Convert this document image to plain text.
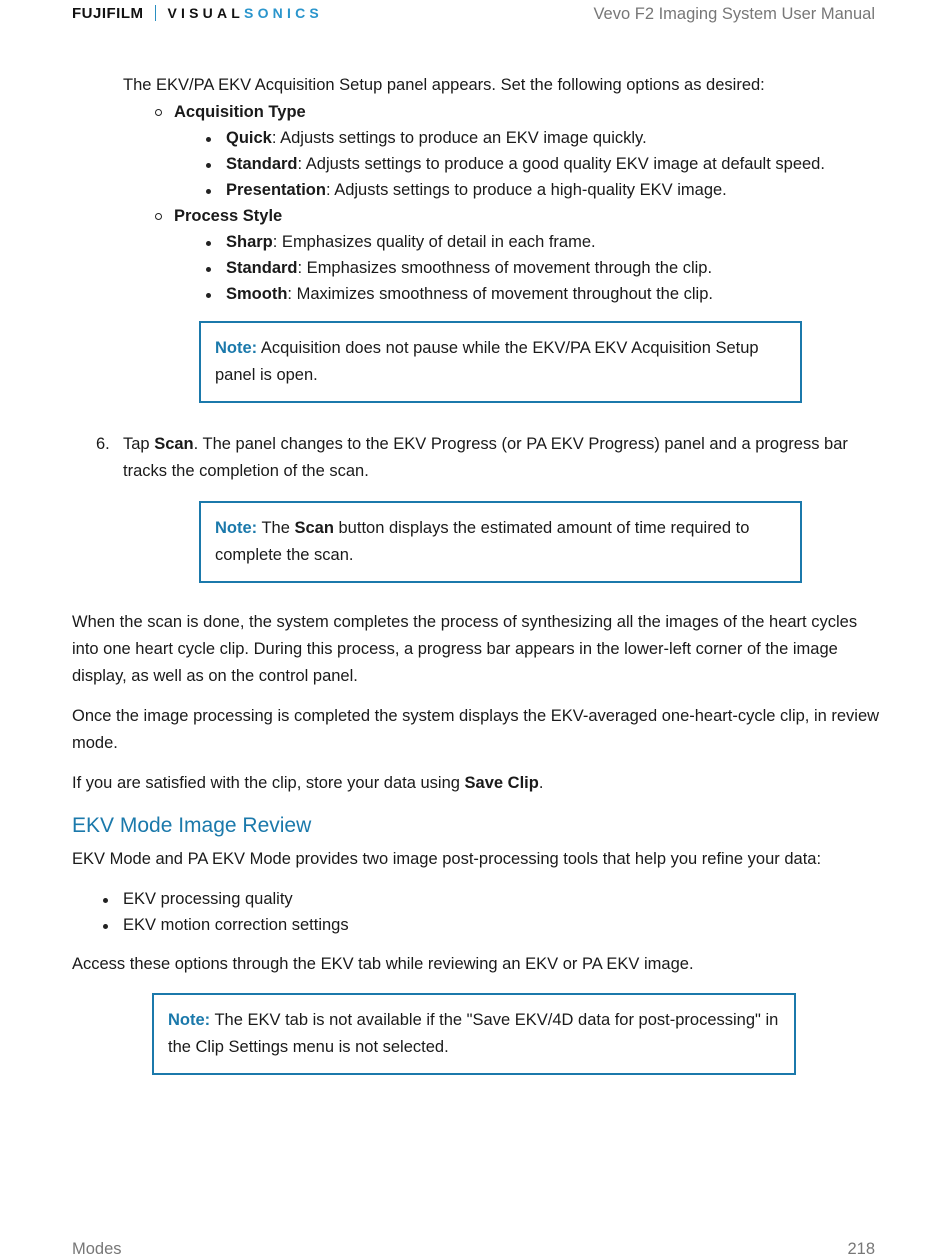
FUJIFILM VISUAL SONICS	Vevo F2 Imaging System User Manual

The EKV/PA EKV Acquisition Setup panel appears. Set the following options as desired:

Acquisition Type
Quick: Adjusts settings to produce an EKV image quickly.
Standard: Adjusts settings to produce a good quality EKV image at default speed.
Presentation: Adjusts settings to produce a high-quality EKV image.
Process Style
Sharp: Emphasizes quality of detail in each frame.
Standard: Emphasizes smoothness of movement through the clip.
Smooth: Maximizes smoothness of movement throughout the clip.
Note: Acquisition does not pause while the EKV/PA EKV Acquisition Setup panel is open.
6. Tap Scan. The panel changes to the EKV Progress (or PA EKV Progress) panel and a progress bar tracks the completion of the scan.
Note: The Scan button displays the estimated amount of time required to complete the scan.

When the scan is done, the system completes the process of synthesizing all the images of the heart cycles into one heart cycle clip. During this process, a progress bar appears in the lower-left corner of the image display, as well as on the control panel.

Once the image processing is completed the system displays the EKV-averaged one-heart-cycle clip, in review mode.

If you are satisfied with the clip, store your data using Save Clip.

EKV Mode Image Review

EKV Mode and PA EKV Mode provides two image post-processing tools that help you refine your data:

EKV processing quality
EKV motion correction settings

Access these options through the EKV tab while reviewing an EKV or PA EKV image.

Note: The EKV tab is not available if the "Save EKV/4D data for post-processing" in the Clip Settings menu is not selected.
Modes	218
